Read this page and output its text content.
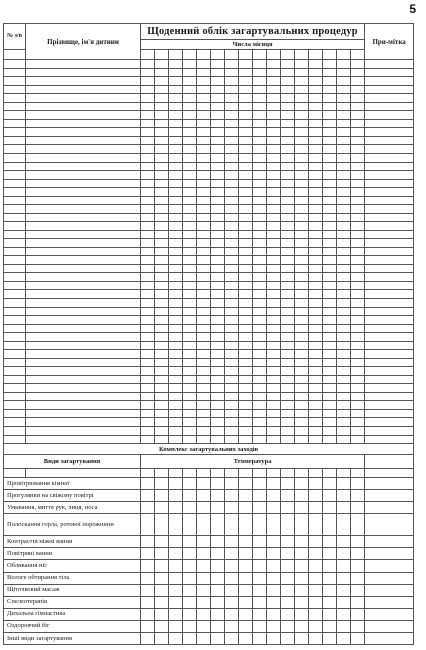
5
№ з/п	Прізвище, ім'я дитини	Щоденний облік загартувальних процедур																При-мітка
		Числа місяця																

Комплекс загартувальних заходів																		
Види загартування		Температура																

Провітрювання кімнат																		
Прогулянки на свіжому повітрі																		
Умивання, миття рук, лиця, носа																		
Полоскання горла, ротової порожнини																		
Контрастні ніжні ванни																		
Повітряні ванни																		
Обливання ніг																		
Вологе обтирання тіла																		
Щіточковий масаж																		
Спелеотерапія																		
Дихальна гімнастика																		
Оздоровчий біг																		
Інші види загартування																		
